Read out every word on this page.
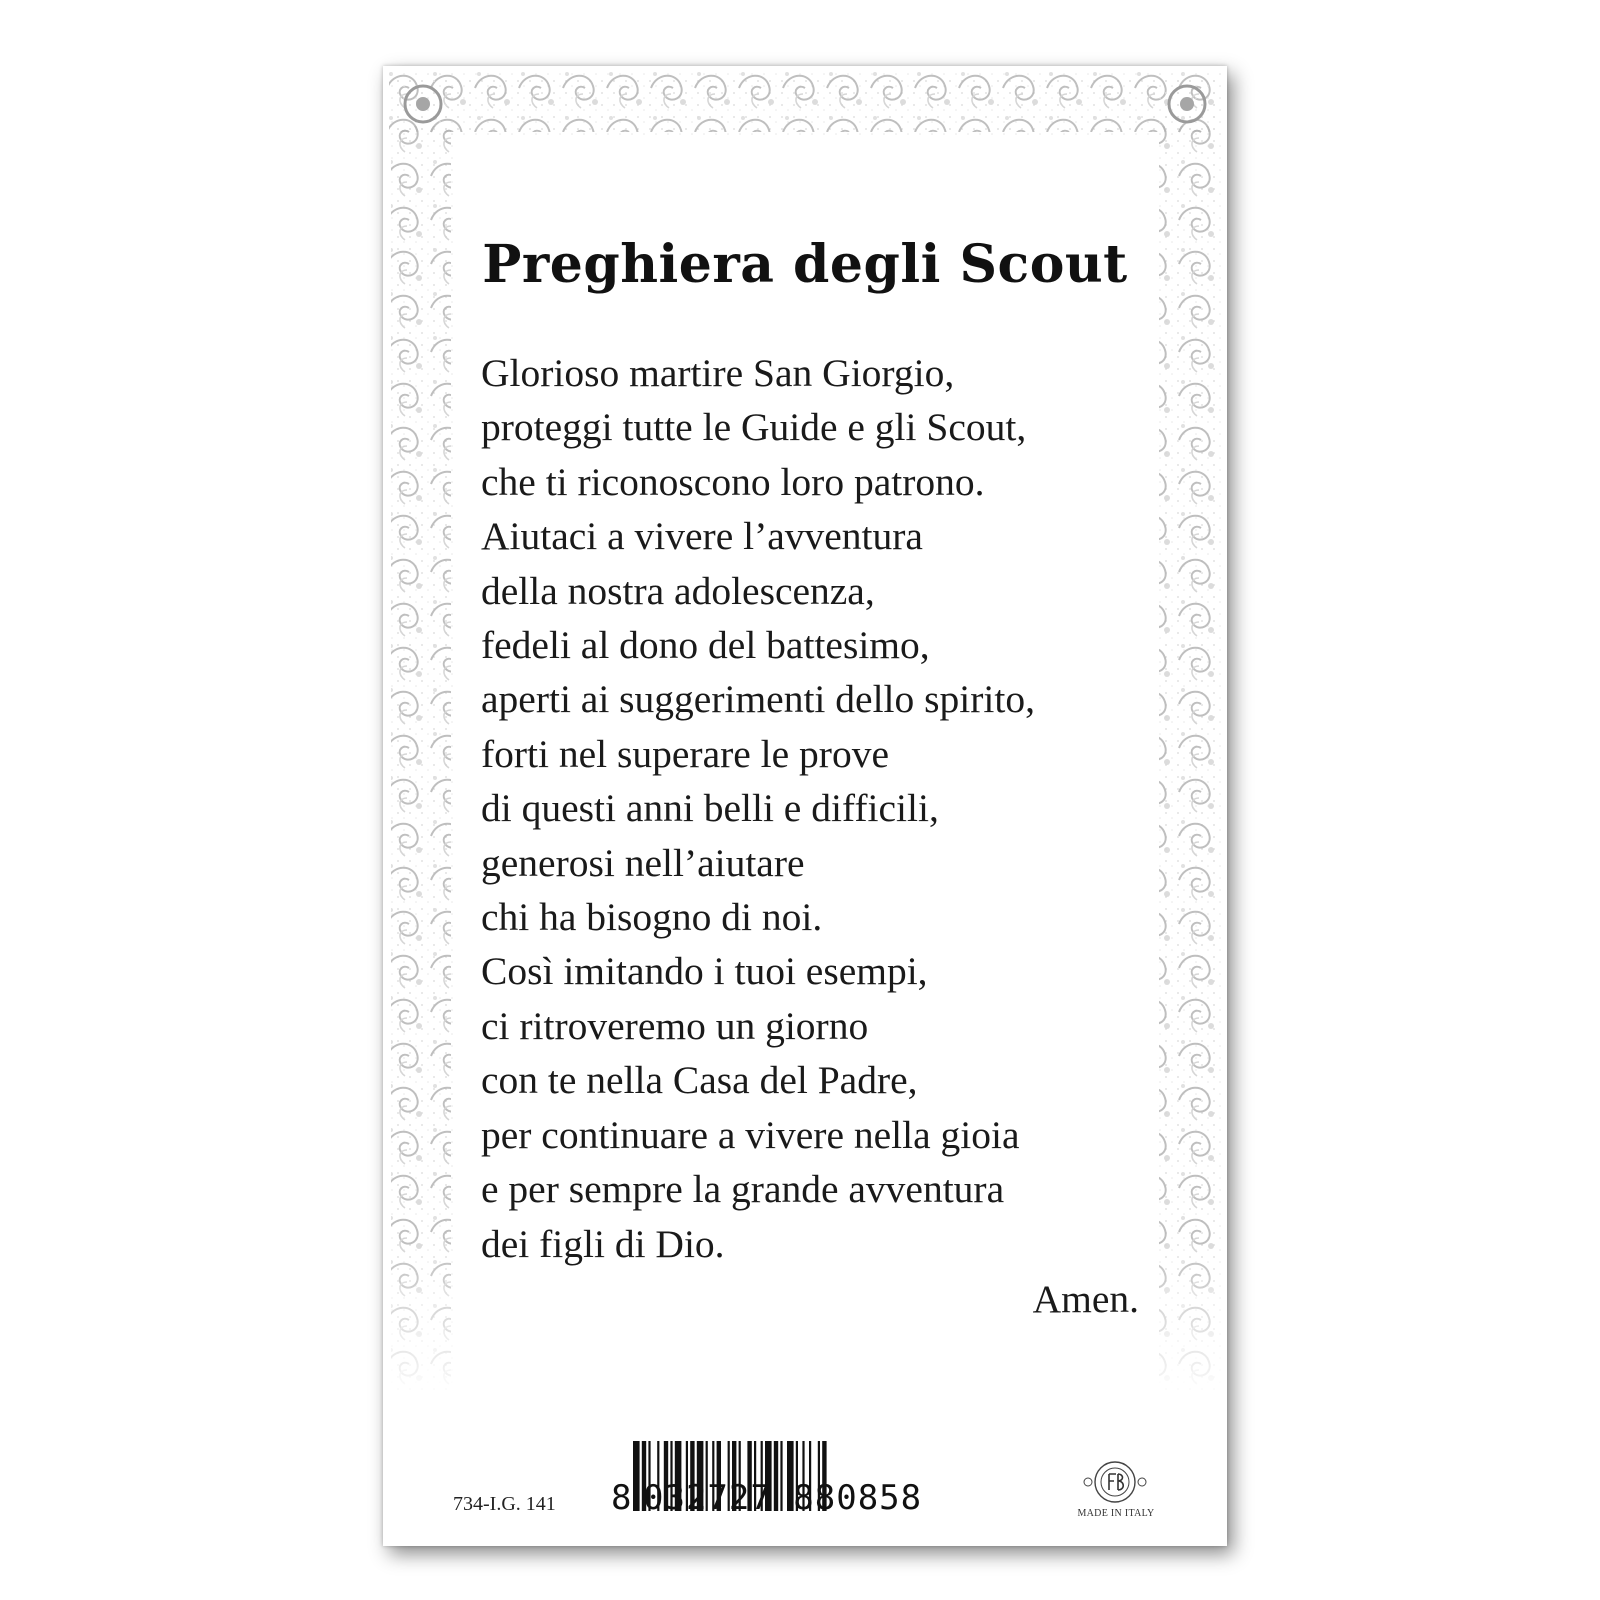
Preghiera degli Scout
Glorioso martire San Giorgio,
proteggi tutte le Guide e gli Scout,
che ti riconoscono loro patrono.
Aiutaci a vivere l’avventura
della nostra adolescenza,
fedeli al dono del battesimo,
aperti ai suggerimenti dello spirito,
forti nel superare le prove
di questi anni belli e difficili,
generosi nell’aiutare
chi ha bisogno di noi.
Così imitando i tuoi esempi,
ci ritroveremo un giorno
con te nella Casa del Padre,
per continuare a vivere nella gioia
e per sempre la grande avventura
dei figli di Dio.
Amen.
734-I.G. 141 8 032727 880858	MADE IN ITALY
